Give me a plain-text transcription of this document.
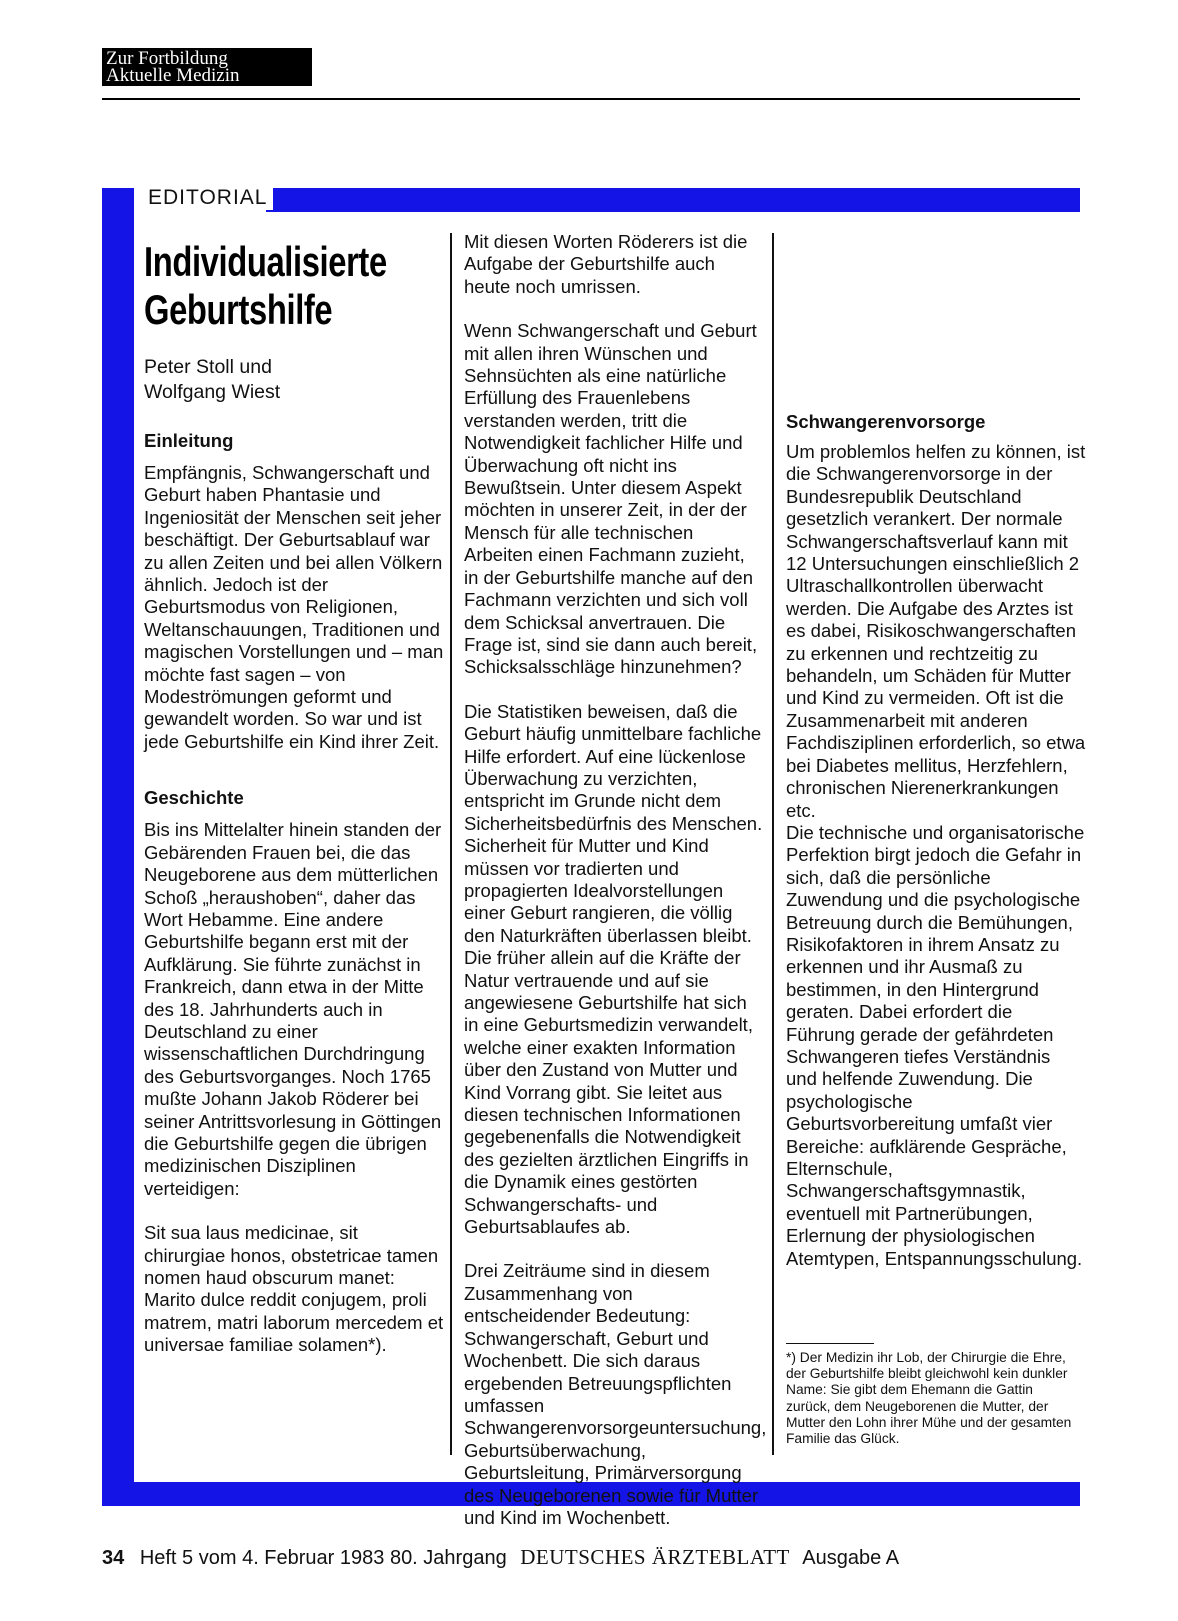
Zur Fortbildung
Aktuelle Medizin
EDITORIAL
Individualisierte
Geburtshilfe
Peter Stoll und
Wolfgang Wiest
Einleitung

Empfängnis, Schwangerschaft und Geburt haben Phantasie und Ingeniosität der Menschen seit jeher beschäftigt. Der Geburtsablauf war zu allen Zeiten und bei allen Völkern ähnlich. Jedoch ist der Geburtsmodus von Religionen, Weltanschauungen, Traditionen und magischen Vorstellungen und – man möchte fast sagen – von Modeströmungen geformt und gewandelt worden. So war und ist jede Geburtshilfe ein Kind ihrer Zeit.

Geschichte

Bis ins Mittelalter hinein standen der Gebärenden Frauen bei, die das Neugeborene aus dem mütterlichen Schoß „heraushoben“, daher das Wort Hebamme. Eine andere Geburtshilfe begann erst mit der Aufklärung. Sie führte zunächst in Frankreich, dann etwa in der Mitte des 18. Jahrhunderts auch in Deutschland zu einer wissenschaftlichen Durchdringung des Geburtsvorganges. Noch 1765 mußte Johann Jakob Röderer bei seiner Antrittsvorlesung in Göttingen die Geburtshilfe gegen die übrigen medizinischen Disziplinen verteidigen:

Sit sua laus medicinae, sit chirurgiae honos, obstetricae tamen nomen haud obscurum manet: Marito dulce reddit conjugem, proli matrem, matri laborum mercedem et universae familiae solamen*).

Mit diesen Worten Röderers ist die Aufgabe der Geburtshilfe auch heute noch umrissen.

Wenn Schwangerschaft und Geburt mit allen ihren Wünschen und Sehnsüchten als eine natürliche Erfüllung des Frauenlebens verstanden werden, tritt die Notwendigkeit fachlicher Hilfe und Überwachung oft nicht ins Bewußtsein. Unter diesem Aspekt möchten in unserer Zeit, in der der Mensch für alle technischen Arbeiten einen Fachmann zuzieht, in der Geburtshilfe manche auf den Fachmann verzichten und sich voll dem Schicksal anvertrauen. Die Frage ist, sind sie dann auch bereit, Schicksalsschläge hinzunehmen?

Die Statistiken beweisen, daß die Geburt häufig unmittelbare fachliche Hilfe erfordert. Auf eine lückenlose Überwachung zu verzichten, entspricht im Grunde nicht dem Sicherheitsbedürfnis des Menschen. Sicherheit für Mutter und Kind müssen vor tradierten und propagierten Idealvorstellungen einer Geburt rangieren, die völlig den Naturkräften überlassen bleibt. Die früher allein auf die Kräfte der Natur vertrauende und auf sie angewiesene Geburtshilfe hat sich in eine Geburtsmedizin verwandelt, welche einer exakten Information über den Zustand von Mutter und Kind Vorrang gibt. Sie leitet aus diesen technischen Informationen gegebenenfalls die Notwendigkeit des gezielten ärztlichen Eingriffs in die Dynamik eines gestörten Schwangerschafts- und Geburtsablaufes ab.

Drei Zeiträume sind in diesem Zusammenhang von entscheidender Bedeutung: Schwangerschaft, Geburt und Wochenbett. Die sich daraus ergebenden Betreuungspflichten umfassen Schwangerenvorsorgeuntersuchung, Geburtsüberwachung, Geburtsleitung, Primärversorgung des Neugeborenen sowie für Mutter und Kind im Wochenbett.

Schwangerenvorsorge

Um problemlos helfen zu können, ist die Schwangerenvorsorge in der Bundesrepublik Deutschland gesetzlich verankert. Der normale Schwangerschaftsverlauf kann mit 12 Untersuchungen einschließlich 2 Ultraschallkontrollen überwacht werden. Die Aufgabe des Arztes ist es dabei, Risikoschwangerschaften zu erkennen und rechtzeitig zu behandeln, um Schäden für Mutter und Kind zu vermeiden. Oft ist die Zusammenarbeit mit anderen Fachdisziplinen erforderlich, so etwa bei Diabetes mellitus, Herzfehlern, chronischen Nierenerkrankungen etc.

Die technische und organisatorische Perfektion birgt jedoch die Gefahr in sich, daß die persönliche Zuwendung und die psychologische Betreuung durch die Bemühungen, Risikofaktoren in ihrem Ansatz zu erkennen und ihr Ausmaß zu bestimmen, in den Hintergrund geraten. Dabei erfordert die Führung gerade der gefährdeten Schwangeren tiefes Verständnis und helfende Zuwendung. Die psychologische Geburtsvorbereitung umfaßt vier Bereiche: aufklärende Gespräche, Elternschule, Schwangerschaftsgymnastik, eventuell mit Partnerübungen, Erlernung der physiologischen Atemtypen, Entspannungsschulung.

*) Der Medizin ihr Lob, der Chirurgie die Ehre, der Geburtshilfe bleibt gleichwohl kein dunkler Name: Sie gibt dem Ehemann die Gattin zurück, dem Neugeborenen die Mutter, der Mutter den Lohn ihrer Mühe und der gesamten Familie das Glück.
34 Heft 5 vom 4. Februar 1983 80. Jahrgang DEUTSCHES ÄRZTEBLATT Ausgabe A
